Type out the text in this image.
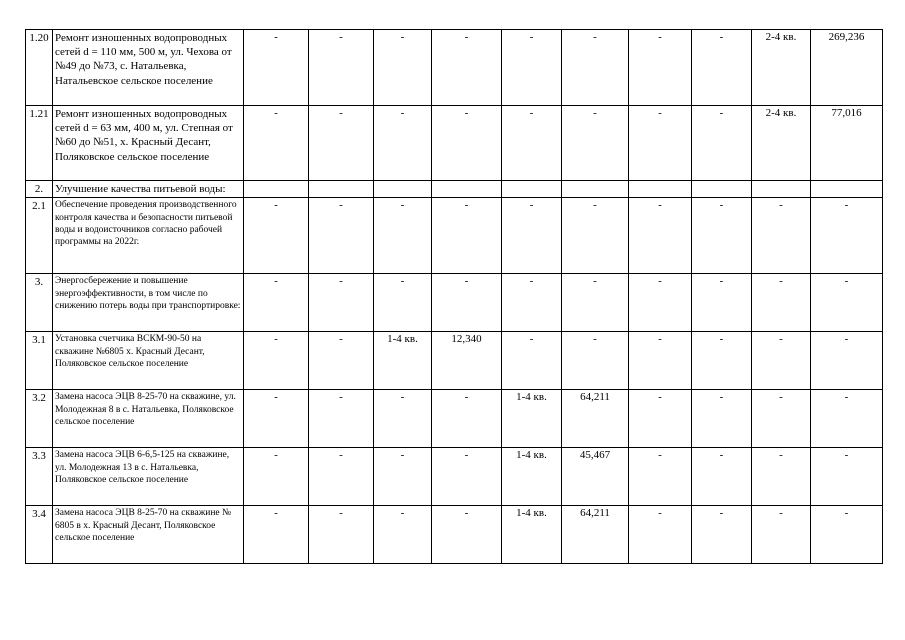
1.20	Ремонт изношенных водопроводных сетей d = 110 мм, 500 м, ул. Чехова от №49 до №73, с. Натальевка, Натальевское сельское поселение	-	-	-	-	-	-	-	-	2-4 кв.	269,236
1.21	Ремонт изношенных водопроводных сетей d = 63 мм, 400 м, ул. Степная от №60 до №51, х. Красный Десант, Поляковское сельское поселение	-	-	-	-	-	-	-	-	2-4 кв.	77,016
2.	Улучшение качества питьевой воды:										
2.1	Обеспечение проведения производственного контроля качества и безопасности питьевой воды и водоисточников согласно рабочей программы на 2022г.	-	-	-	-	-	-	-	-	-	-
3.	Энергосбережение и повышение энергоэффективности, в том числе по снижению потерь воды при транспортировке:	-	-	-	-	-	-	-	-	-	-
3.1	Установка счетчика ВСКМ-90-50 на скважине №6805 х. Красный Десант, Поляковское сельское поселение	-	-	1-4 кв.	12,340	-	-	-	-	-	-
3.2	Замена насоса ЭЦВ 8-25-70 на скважине, ул. Молодежная 8 в с. Натальевка, Поляковское сельское поселение	-	-	-	-	1-4 кв.	64,211	-	-	-	-
3.3	Замена насоса ЭЦВ 6-6,5-125 на скважине, ул. Молодежная 13 в с. Натальевка, Поляковское сельское поселение	-	-	-	-	1-4 кв.	45,467	-	-	-	-
3.4	Замена насоса ЭЦВ 8-25-70 на скважине № 6805 в х. Красный Десант, Поляковское сельское поселение	-	-	-	-	1-4 кв.	64,211	-	-	-	-
